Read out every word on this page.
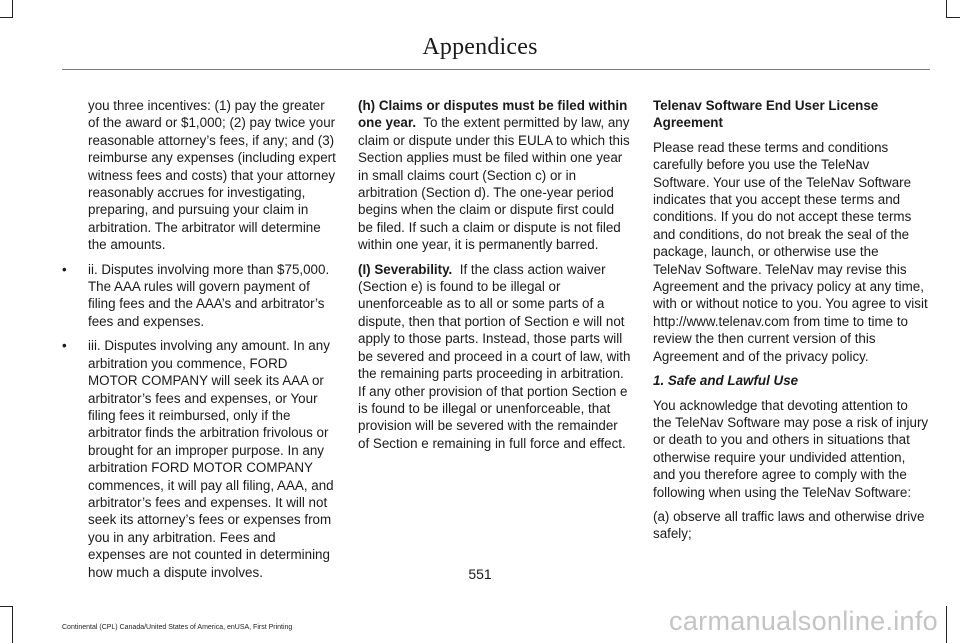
Appendices

you three incentives: (1) pay the greater of the award or $1,000; (2) pay twice your reasonable attorney’s fees, if any; and (3) reimburse any expenses (including expert witness fees and costs) that your attorney reasonably accrues for investigating, preparing, and pursuing your claim in arbitration. The arbitrator will determine the amounts.

•	ii. Disputes involving more than $75,000. The AAA rules will govern payment of filing fees and the AAA’s and arbitrator’s fees and expenses.
•	iii. Disputes involving any amount. In any arbitration you commence, FORD MOTOR COMPANY will seek its AAA or arbitrator’s fees and expenses, or Your filing fees it reimbursed, only if the arbitrator finds the arbitration frivolous or brought for an improper purpose. In any arbitration FORD MOTOR COMPANY commences, it will pay all filing, AAA, and arbitrator’s fees and expenses. It will not seek its attorney’s fees or expenses from you in any arbitration. Fees and expenses are not counted in determining how much a dispute involves.

(h) Claims or disputes must be filed within one year. To the extent permitted by law, any claim or dispute under this EULA to which this Section applies must be filed within one year in small claims court (Section c) or in arbitration (Section d). The one-year period begins when the claim or dispute first could be filed. If such a claim or dispute is not filed within one year, it is permanently barred.

(I) Severability. If the class action waiver (Section e) is found to be illegal or unenforceable as to all or some parts of a dispute, then that portion of Section e will not apply to those parts. Instead, those parts will be severed and proceed in a court of law, with the remaining parts proceeding in arbitration. If any other provision of that portion Section e is found to be illegal or unenforceable, that provision will be severed with the remainder of Section e remaining in full force and effect.

Telenav Software End User License Agreement

Please read these terms and conditions carefully before you use the TeleNav Software. Your use of the TeleNav Software indicates that you accept these terms and conditions. If you do not accept these terms and conditions, do not break the seal of the package, launch, or otherwise use the TeleNav Software. TeleNav may revise this Agreement and the privacy policy at any time, with or without notice to you. You agree to visit http://www.telenav.com from time to time to review the then current version of this Agreement and of the privacy policy.

1. Safe and Lawful Use

You acknowledge that devoting attention to the TeleNav Software may pose a risk of injury or death to you and others in situations that otherwise require your undivided attention, and you therefore agree to comply with the following when using the TeleNav Software:

(a) observe all traffic laws and otherwise drive safely;

551
Continental (CPL) Canada/United States of America, enUSA, First Printing	carmanualsonline.info
